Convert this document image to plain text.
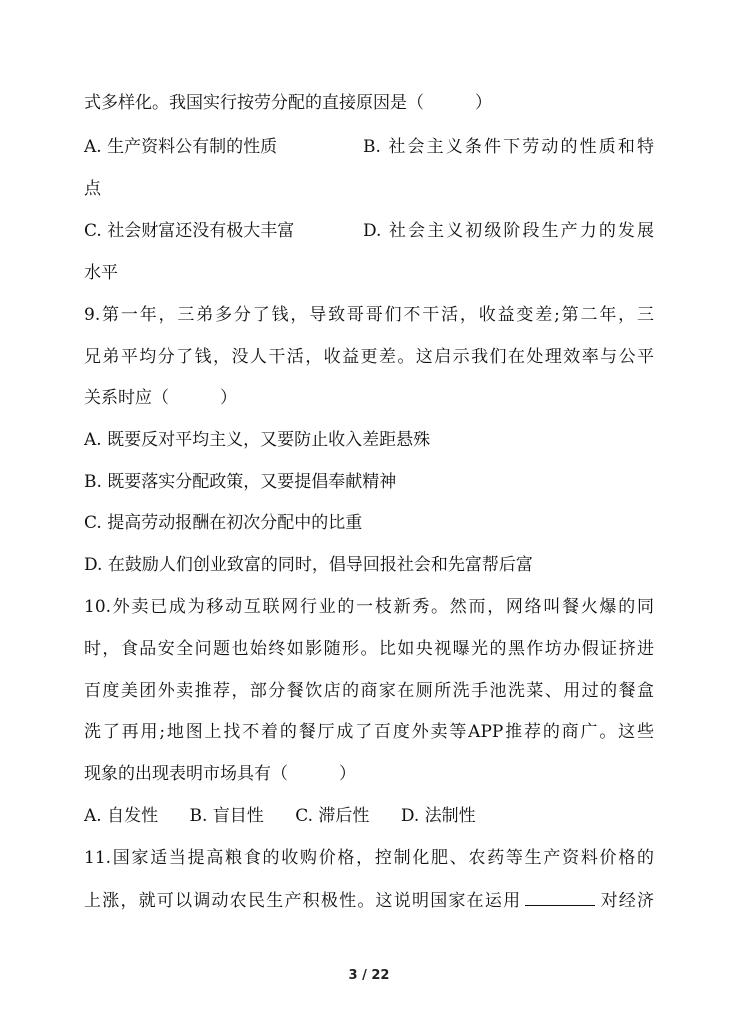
式多样化。我国实行按劳分配的直接原因是（　　　）
A. 生产资料公有制的性质	B. 社会主义条件下劳动的性质和特
点
C. 社会财富还没有极大丰富	D. 社会主义初级阶段生产力的发展
水平
9.第一年，三弟多分了钱，导致哥哥们不干活，收益变差;第二年，三
兄弟平均分了钱，没人干活，收益更差。这启示我们在处理效率与公平
关系时应（　　　）
A. 既要反对平均主义，又要防止收入差距悬殊
B. 既要落实分配政策，又要提倡奉献精神
C. 提高劳动报酬在初次分配中的比重
D. 在鼓励人们创业致富的同时，倡导回报社会和先富帮后富
10.外卖已成为移动互联网行业的一枝新秀。然而，网络叫餐火爆的同
时，食品安全问题也始终如影随形。比如央视曝光的黑作坊办假证挤进
百度美团外卖推荐，部分餐饮店的商家在厕所洗手池洗菜、用过的餐盒
洗了再用;地图上找不着的餐厅成了百度外卖等APP推荐的商广。这些
现象的出现表明市场具有（　　　）
A. 自发性 B. 盲目性 C. 滞后性 D. 法制性
11.国家适当提高粮食的收购价格，控制化肥、农药等生产资料价格的
上涨，就可以调动农民生产积极性。这说明国家在运用	对经济
3 / 22
